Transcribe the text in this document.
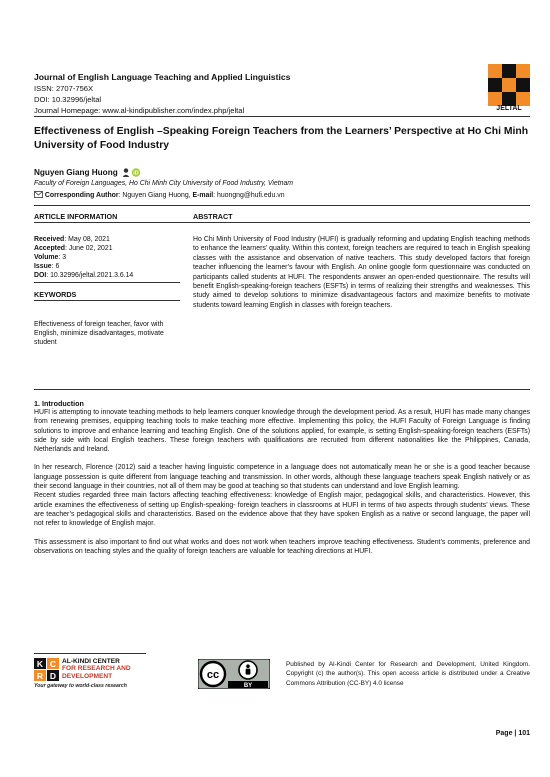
Journal of English Language Teaching and Applied Linguistics
ISSN: 2707-756X
DOI: 10.32996/jeltal
Journal Homepage: www.al-kindipublisher.com/index.php/jeltal	JELTAL
Effectiveness of English –Speaking Foreign Teachers from the Learners’ Perspective at Ho Chi Minh University of Food Industry
Nguyen Giang Huong	iD
Faculty of Foreign Languages, Ho Chi Minh City University of Food Industry, Vietnam
Corresponding Author: Nguyen Giang Huong, E-mail: huongng@hufi.edu.vn
ARTICLE INFORMATION	ABSTRACT
Received: May 08, 2021
Accepted: June 02, 2021
Volume: 3
Issue: 6
DOI: 10.32996/jeltal.2021.3.6.14
KEYWORDS
Effectiveness of foreign teacher, favor with English, minimize disadvantages, motivate student
Ho Chi Minh University of Food Industry (HUFI) is gradually reforming and updating English teaching methods to enhance the learners’ quality. Within this context, foreign teachers are required to teach in English speaking classes with the assistance and observation of native teachers. This study developed factors that foreign teacher influencing the learner’s favour with English. An online google form questionnaire was conducted on participants called students at HUFI. The respondents answer an open-ended questionnaire. The results will benefit English-speaking-foreign teachers (ESFTs) in terms of realizing their strengths and weaknesses. This study aimed to develop solutions to minimize disadvantageous factors and maximize benefits to motivate students toward learning English in classes with foreign teachers.
1. Introduction

HUFI is attempting to innovate teaching methods to help learners conquer knowledge through the development period. As a result, HUFI has made many changes from renewing premises, equipping teaching tools to make teaching more effective. Implementing this policy, the HUFI Faculty of Foreign Language is finding solutions to improve and enhance learning and teaching English. One of the solutions applied, for example, is setting English-speaking-foreign teachers (ESFTs) side by side with local English teachers. These foreign teachers with qualifications are recruited from different nationalities like the Philippines, Canada, Netherlands and Ireland.

In her research, Florence (2012) said a teacher having linguistic competence in a language does not automatically mean he or she is a good teacher because language possession is quite different from language teaching and transmission. In other words, although these language teachers speak English natively or as their second language in their countries, not all of them may be good at teaching so that students can understand and love English learning.

Recent studies regarded three main factors affecting teaching effectiveness: knowledge of English major, pedagogical skills, and characteristics. However, this article examines the effectiveness of setting up English-speaking- foreign teachers in classrooms at HUFI in terms of two aspects through students’ views. These are teacher’s pedagogical skills and characteristics. Based on the evidence above that they have spoken English as a native or second language, the paper will not refer to knowledge of English major.

This assessment is also important to find out what works and does not work when teachers improve teaching effectiveness. Student’s comments, preference and observations on teaching styles and the quality of foreign teachers are valuable for teaching directions at HUFI.

K C
R D
AL-KINDI CENTER
FOR RESEARCH AND
DEVELOPMENT
Your gateway to world-class research
cc
BY
Published by Al-Kindi Center for Research and Development, United Kingdom. Copyright (c) the author(s). This open access article is distributed under a Creative Commons Attribution (CC-BY) 4.0 license
Page | 101
